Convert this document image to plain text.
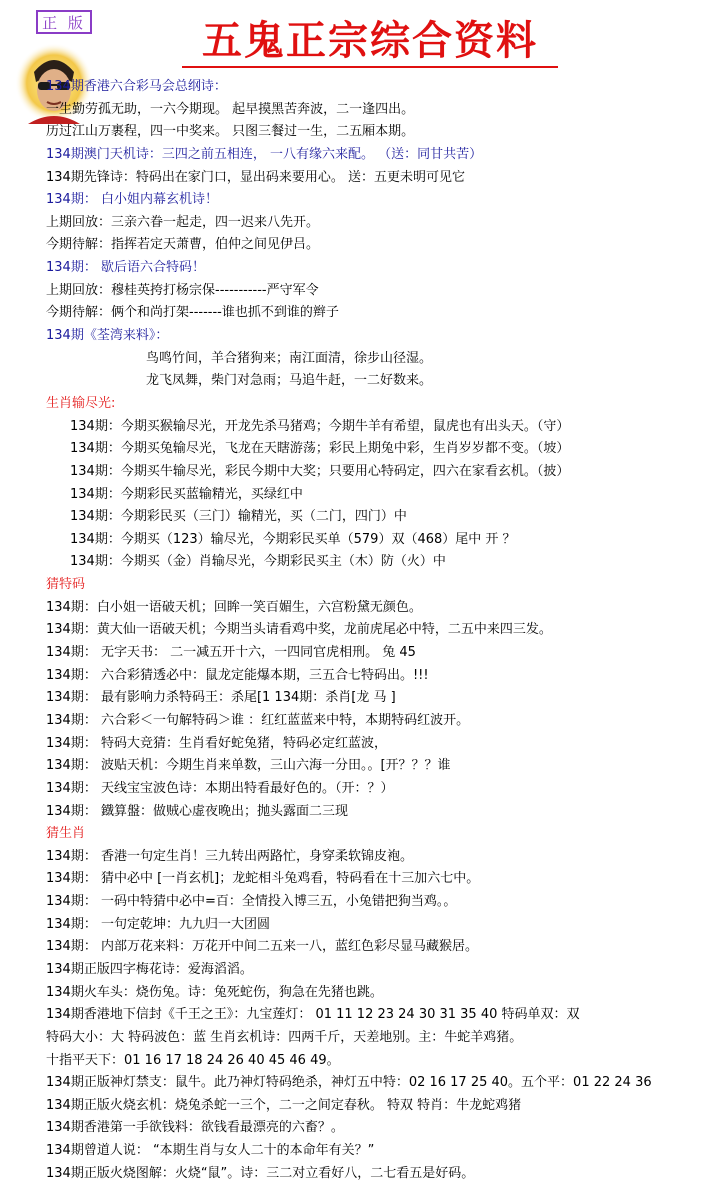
正 版	五鬼正宗综合资料
134期香港六合彩马会总纲诗：
一生勤劳孤无助，一六今期现。 起早摸黑苦奔波，二一逢四出。
历过江山万裹程，四一中奖来。 只图三餐过一生，二五厢本期。
134期澳门天机诗：三四之前五相连， 一八有缘六来配。 （送：同甘共苦）
134期先锋诗：特码出在家门口，显出码来要用心。 送：五更未明可见它
134期： 白小姐内幕玄机诗！
上期回放：三亲六眷一起走，四一迟来八先开。
今期待解：指挥若定天萧曹，伯仲之间见伊吕。
134期： 歇后语六合特码！
上期回放：穆桂英挎打杨宗保-----------严守军令
今期待解：俩个和尚打架-------谁也抓不到谁的辫子
134期《荃湾来料》：
鸟鸣竹间，羊合猪狗来；南江面清，徐步山径湿。
龙飞凤舞，柴门对急雨；马追牛赶，一二好数来。
生肖输尽光:
134期：今期买猴输尽光，开龙先杀马猪鸡；今期牛羊有希望，鼠虎也有出头天。（守）
134期：今期买兔输尽光，飞龙在天瞎游荡；彩民上期兔中彩，生肖岁岁都不变。（坡）
134期：今期买牛输尽光，彩民今期中大奖；只要用心特码定，四六在家看玄机。（披）
134期：今期彩民买蓝输精光，买绿红中
134期：今期彩民买（三门）输精光，买（二门，四门）中
134期：今期买（123）输尽光，今期彩民买单（579）双（468）尾中 开 ？
134期：今期买（金）肖输尽光，今期彩民买主（木）防（火）中
猜特码
134期：白小姐一语破天机；回眸一笑百媚生，六宫粉黛无颜色。
134期：黄大仙一语破天机；今期当头请看鸡中奖，龙前虎尾必中特，二五中来四三发。
134期： 无字天书： 二一减五开十六，一四同官虎相刑。 兔 45
134期： 六合彩猜透必中：鼠龙定能爆本期，三五合七特码出。!!!
134期： 最有影响力杀特码王：杀尾[1 134期：杀肖[龙 马 ]
134期： 六合彩＜一句解特码＞谁 ：红红蓝蓝来中特，本期特码红波开。
134期： 特码大竞猜：生肖看好蛇兔猪，特码必定红蓝波，
134期： 波贴天机：今期生肖来单数，三山六海一分田。。[开？？？谁
134期： 天线宝宝波色诗：本期出特看最好色的。（开：？）
134期： 鐡算盤：做贼心虚夜晚出；抛头露面二三现
猜生肖
134期： 香港一句定生肖！三九转出两路忙，身穿柔软锦皮袍。
134期： 猜中必中 [一肖玄机]；龙蛇相斗兔鸡看，特码看在十三加六七中。
134期： 一码中特猜中必中=百：全情投入博三五，小兔错把狗当鸡。。
134期： 一句定乾坤：九九归一大团圆
134期： 内部万花来料：万花开中间二五来一八，蓝红色彩尽显马藏猴居。
134期正版四字梅花诗：爱海滔滔。
134期火车头：烧伤兔。诗：兔死蛇伤，狗急在先猪也跳。
134期香港地下信封《千王之王》：九宝莲灯： 01 11 12 23 24 30 31 35 40 特码单双：双
特码大小：大 特码波色：蓝 生肖玄机诗：四两千斤，天差地别。主：牛蛇羊鸡猪。
十指平天下：01 16 17 18 24 26 40 45 46 49。
134期正版神灯禁支：鼠牛。此乃神灯特码绝杀，神灯五中特：02 16 17 25 40。五个平：01 22 24 36
134期正版火烧玄机：烧兔杀蛇一三个，二一之间定春秋。 特双 特肖：牛龙蛇鸡猪
134期香港第一手欲钱料：欲钱看最漂亮的六畜？。
134期曾道人说： “本期生肖与女人二十的本命年有关？”
134期正版火烧图解：火烧“鼠”。诗：三二对立看好八，二七看五是好码。
